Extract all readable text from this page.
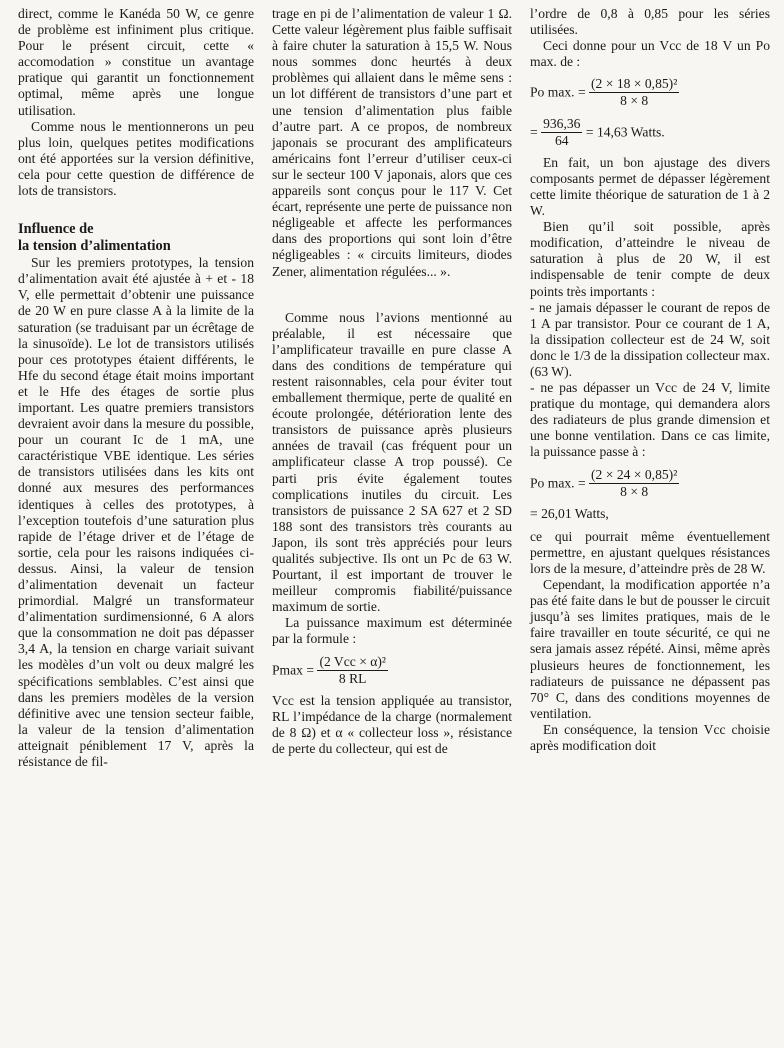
direct, comme le Kanéda 50 W, ce genre de problème est infiniment plus critique. Pour le présent circuit, cette « accomodation » constitue un avantage pratique qui garantit un fonctionnement optimal, même après une longue utilisation.

Comme nous le mentionnerons un peu plus loin, quelques petites modifications ont été apportées sur la version définitive, cela pour cette question de différence de lots de transistors.

Influence de
la tension d’alimentation

Sur les premiers prototypes, la tension d’alimentation avait été ajustée à + et - 18 V, elle permettait d’obtenir une puissance de 20 W en pure classe A à la limite de la saturation (se traduisant par un écrêtage de la sinusoïde). Le lot de transistors utilisés pour ces prototypes étaient différents, le Hfe du second étage était moins important et le Hfe des étages de sortie plus important. Les quatre premiers transistors devraient avoir dans la mesure du possible, pour un courant Ic de 1 mA, une caractéristique VBE identique. Les séries de transistors utilisées dans les kits ont donné aux mesures des performances identiques à celles des prototypes, à l’exception toutefois d’une saturation plus rapide de l’étage driver et de l’étage de sortie, cela pour les raisons indiquées ci-dessus. Ainsi, la valeur de tension d’alimentation devenait un facteur primordial. Malgré un transformateur d’alimentation surdimensionné, 6 A alors que la consommation ne doit pas dépasser 3,4 A, la tension en charge variait suivant les modèles d’un volt ou deux malgré les spécifications semblables. C’est ainsi que dans les premiers modèles de la version définitive avec une tension secteur faible, la valeur de la tension d’alimentation atteignait péniblement 17 V, après la résistance de fil-

trage en pi de l’alimentation de valeur 1 Ω. Cette valeur légèrement plus faible suffisait à faire chuter la saturation à 15,5 W. Nous nous sommes donc heurtés à deux problèmes qui allaient dans le même sens : un lot différent de transistors d’une part et une tension d’alimentation plus faible d’autre part. A ce propos, de nombreux japonais se procurant des amplificateurs américains font l’erreur d’utiliser ceux-ci sur le secteur 100 V japonais, alors que ces appareils sont conçus pour le 117 V. Cet écart, représente une perte de puissance non négligeable et affecte les performances dans des proportions qui sont loin d’être négligeables : « circuits limiteurs, diodes Zener, alimentation régulées... ».

Comme nous l’avions mentionné au préalable, il est nécessaire que l’amplificateur travaille en pure classe A dans des conditions de température qui restent raisonnables, cela pour éviter tout emballement thermique, perte de qualité en écoute prolongée, détérioration lente des transistors de puissance après plusieurs années de travail (cas fréquent pour un amplificateur classe A trop poussé). Ce parti pris évite également toutes complications inutiles du circuit. Les transistors de puissance 2 SA 627 et 2 SD 188 sont des transistors très courants au Japon, ils sont très appréciés pour leurs qualités subjective. Ils ont un Pc de 63 W. Pourtant, il est important de trouver le meilleur compromis fiabilité/puissance maximum de sortie.

La puissance maximum est déterminée par la formule :

$Pmax = \frac{\text{(2 Vcc × α)²}}{8 RL}$

Vcc est la tension appliquée au transistor, RL l’impédance de la charge (normalement de 8 Ω) et α « collecteur loss », résistance de perte du collecteur, qui est de

l’ordre de 0,8 à 0,85 pour les séries utilisées.

Ceci donne pour un Vcc de 18 V un Po max. de :

Po max. = $\frac{\text{(2 × 18 × 0,85)²}}{8 \times 8}$
= $\frac{936,36}{64} = 14,63$ Watts.

En fait, un bon ajustage des divers composants permet de dépasser légèrement cette limite théorique de saturation de 1 à 2 W.

Bien qu’il soit possible, après modification, d’atteindre le niveau de saturation à plus de 20 W, il est indispensable de tenir compte de deux points très importants :

- ne jamais dépasser le courant de repos de 1 A par transistor. Pour ce courant de 1 A, la dissipation collecteur est de 24 W, soit donc le 1/3 de la dissipation collecteur max. (63 W).

- ne pas dépasser un Vcc de 24 V, limite pratique du montage, qui demandera alors des radiateurs de plus grande dimension et une bonne ventilation. Dans ce cas limite, la puissance passe à :

Po max. = $\frac{\text{(2 × 24 × 0,85)²}}{8 \times 8}$
= 26,01 Watts,

ce qui pourrait même éventuellement permettre, en ajustant quelques résistances lors de la mesure, d’atteindre près de 28 W.

Cependant, la modification apportée n’a pas été faite dans le but de pousser le circuit jusqu’à ses limites pratiques, mais de le faire travailler en toute sécurité, ce qui ne sera jamais assez répété. Ainsi, même après plusieurs heures de fonctionnement, les radiateurs de puissance ne dépassent pas 70° C, dans des conditions moyennes de ventilation.

En conséquence, la tension Vcc choisie après modification doit
